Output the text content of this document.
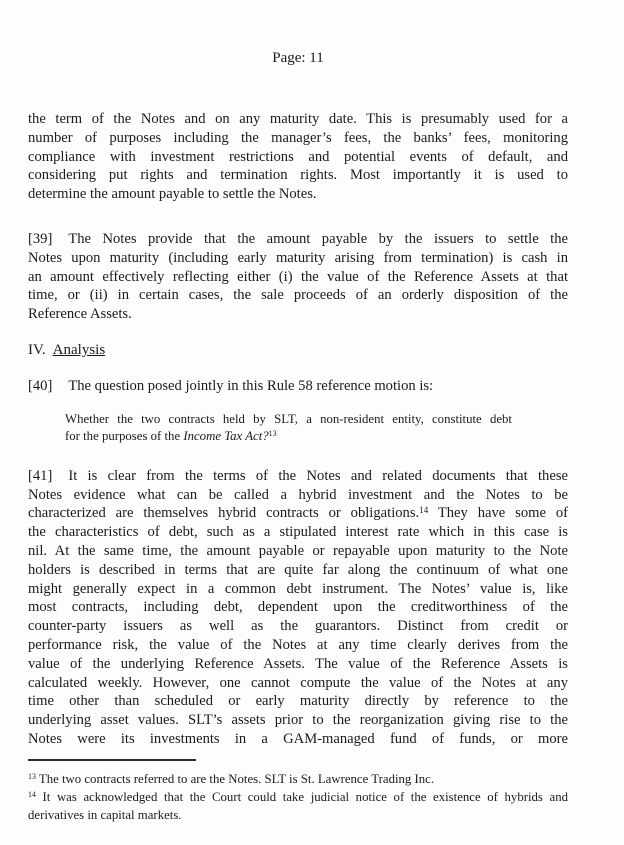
Page: 11
the term of the Notes and on any maturity date. This is presumably used for a
number of purposes including the manager’s fees, the banks’ fees, monitoring
compliance with investment restrictions and potential events of default, and
considering put rights and termination rights. Most importantly it is used to
determine the amount payable to settle the Notes.
[39] The Notes provide that the amount payable by the issuers to settle the
Notes upon maturity (including early maturity arising from termination) is cash in
an amount effectively reflecting either (i) the value of the Reference Assets at that
time, or (ii) in certain cases, the sale proceeds of an orderly disposition of the
Reference Assets.
IV. Analysis
[40] The question posed jointly in this Rule 58 reference motion is:
Whether the two contracts held by SLT, a non-resident entity, constitute debt
for the purposes of the Income Tax Act?$^{13}$
[41] It is clear from the terms of the Notes and related documents that these
Notes evidence what can be called a hybrid investment and the Notes to be
characterized are themselves hybrid contracts or obligations.$^{14}$ They have some of
the characteristics of debt, such as a stipulated interest rate which in this case is
nil. At the same time, the amount payable or repayable upon maturity to the Note
holders is described in terms that are quite far along the continuum of what one
might generally expect in a common debt instrument. The Notes’ value is, like
most contracts, including debt, dependent upon the creditworthiness of the
counter-party issuers as well as the guarantors. Distinct from credit or
performance risk, the value of the Notes at any time clearly derives from the
value of the underlying Reference Assets. The value of the Reference Assets is
calculated weekly. However, one cannot compute the value of the Notes at any
time other than scheduled or early maturity directly by reference to the
underlying asset values. SLT’s assets prior to the reorganization giving rise to the
Notes were its investments in a GAM-managed fund of funds, or more
$^{13}$ The two contracts referred to are the Notes. SLT is St. Lawrence Trading Inc.
$^{14}$ It was acknowledged that the Court could take judicial notice of the existence of hybrids and
derivatives in capital markets.
